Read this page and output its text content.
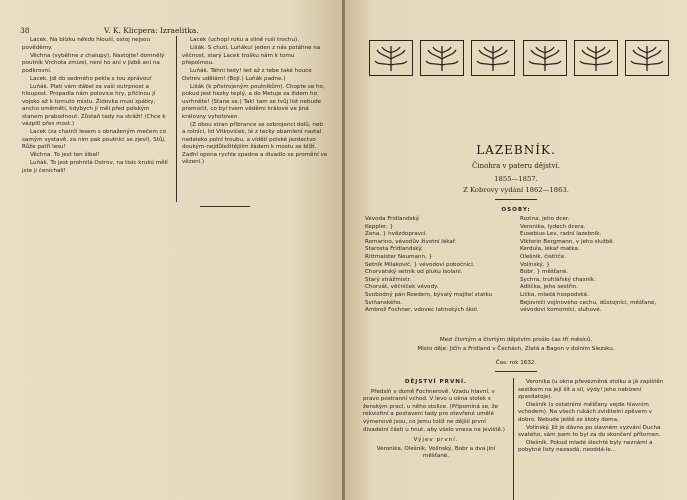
38	V. K. Klicpera: Izraelitka.

Lacek. Na blízku někdo hlouší, ostoj nejsou pověděmy.

Věchna (vyběhne z chalupy). Nastojte! domnělý poutník Vrchota zmizel, není ho ani v jizbě ani na podkrovní.

Lacek. Jdi do sedmého pekla s tou zprávou!

Luňák. Platí vám dábel za vaši outrpnost a hloupost. Propadla nám polovice hry, přičinou jí vojsko až k tomuto místu. Židovka musí zpátky, ancho oměmětí, kdybych jí měl před polským stanem prabodnout. Zůstaň tady na stráži! (Chce k vázpitl přes most.)

Lacek (za chatrčí lesem s obnaženým mečem co samým vystavě, za nim pak poutníci se zjeví). Stůj. Růže patří lesu!

Věchna. To jest ten šibal!

Luňák. To jest prohnilá Ostrov, na tisíc krukú mělí jste ji čenichali!

Lacek (uchopí ruku a silně ruši trochu).

Lišák. S chutí, Luňáku! jeden z nás potáhne na věčnost, starý Lacek trošku nám k tomu přepolmou.

Luňák. Táhni tedy! led až z tebe také houce Ostrov udělám! (Boji.) Luňák padne.)

Lišák (k přistrojeným poutníkům). Chopte se ho, pokud jest hezky teplý, a do Metuje za židem ho uvrhněte! (Stane se.) Tak! tam se tvůj list nebude promočit, co byl tvem věděmi králové ve jiná královny vyhotoven.

(Z obou stran přibrance se ozbrojenci dolů, neb a rolníci, lid Vitkoviček, lé z tecky obamlení nastal nedaleko polní troubu, a vídětí polské jezdectvo doukým-nejdůležitějším žádem k mostu se blíží. Zaďní opona rychle spadne a divadlo se promění ve vězení.)

LAZEBNÍK.
Činohra v pateru dějství.
1855—1857.
Z Kobrovy vydání 1862—1863.
OSOBY:
Vévoda Fridlandský.
Keppler, }
Zena, } hvězdopravci.
Romarino, vévodův životní lékař.
Starosta Fridlandský.
Rittmaister Neumann, }
Setník Milakovič, } vévodovi pobočníci.
Chorvatský setník od pluku Isolani.
Starý strážmistr.
Chorvát, věčníček vévody.
Svobodný pán Roedern, bývalý majitel statku Sviňanského.
Ambrož Fochner, vdovec latinských škol.
Rozina, jeho dcer.
Veronika, lydech dcera.
Eusebius Lev, radní lazebník.
Viktorin Bergmann, v jeho službě.
Kerdula, lékař matka.
Olešník, čistírče.
Volínský, }
Bobr, } měšťané.
Sychra, truhlářský chasník.
Adlička, jeho sestřin.
Lička, mladá hospodská.
Bejovniči vojínového cechu, důstojníci, měšťané, vévodovi komorníci, sluhové.
Mezi čtvrtým a čtvrtým dějstvím prošlo čas tří měsíců.
Místo děje: Jičín a Fridland v Čechách, Zlatá a Bagon v dolním Slezsku.
Čas: rok 1632.
DĚJSTVÍ PRVNÍ.
Předsíň v domě Fochnerově. Vzadu hlavní, v pravo postranní vchod. V levo u okna stolek s ženským prací, u něho stolice. (Připomíná se, že rekvizitní a postaveni tady pro otevřené umělé výmenově jsou, co jemu toliž ne dějšíí první divadelní části u hnut, aby všelo vnesa na jeviště.)
Výjev první.
Veronika, Olešník, Volínský, Bobr a dva jiní měšťané.
Veronika (u okna převezněná stolku a já zapištěn sestíkem na její šít a sil, výdy! jeho nabízení zpasdatoje).
Olešník (s ostatními měšťany vejde hlavním vchodem). Na všech rukách zviditelní zpěvem v dobro. Nebude ještě ze škoty doma.
Volínský. Již je dávno po slavném vyzvání Ducha svatého, sám jsem to byl za do skončení přítomen.
Olešník. Pokud mladé šlechté byly neznámí a pobytné listy nezasdá, neoddá-le...
